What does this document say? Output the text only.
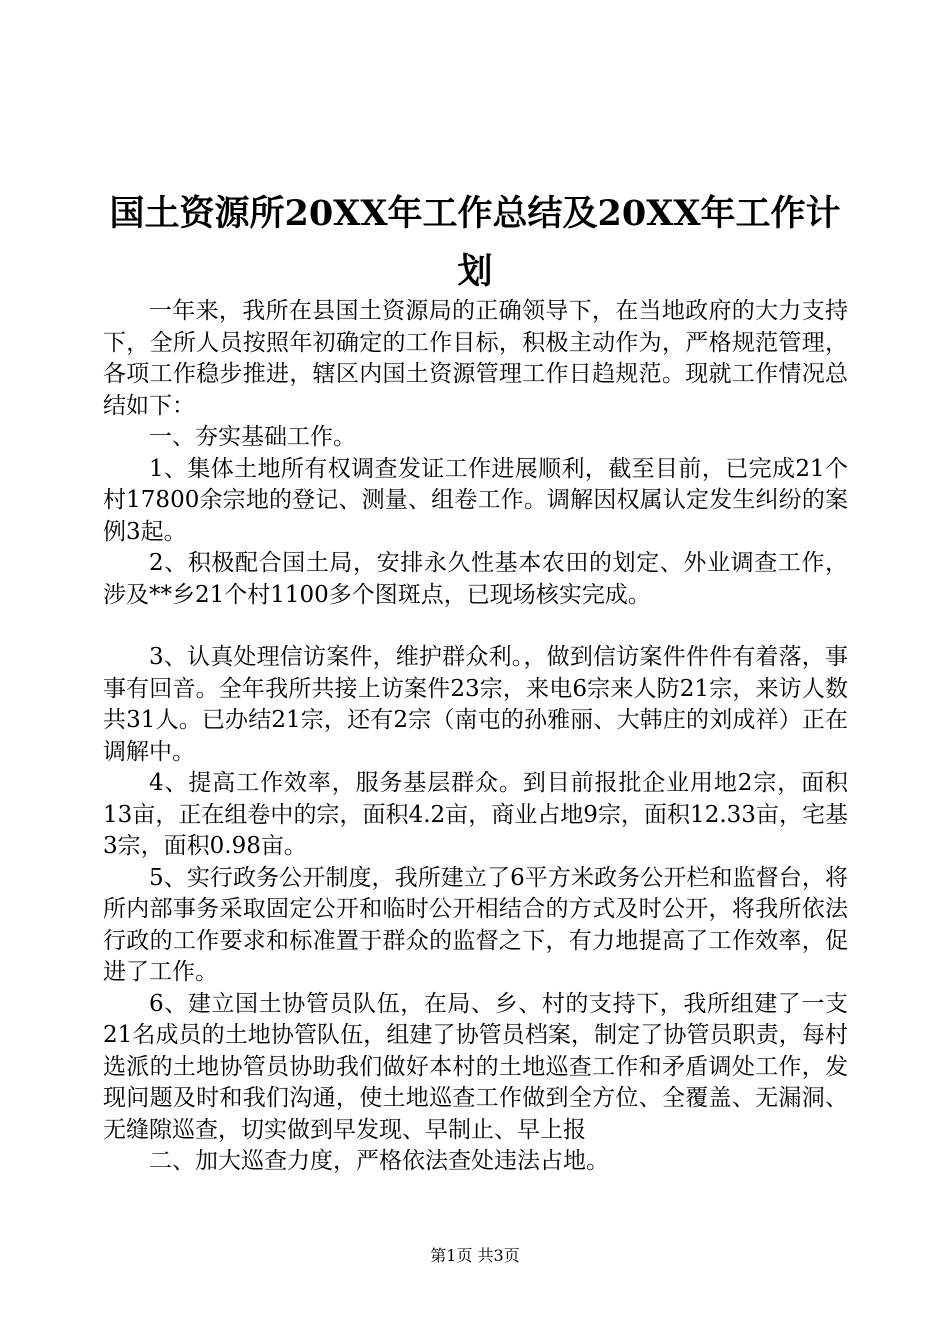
国土资源所20XX年工作总结及20XX年工作计
划

一年来，我所在县国土资源局的正确领导下，在当地政府的大力支持下，全所人员按照年初确定的工作目标，积极主动作为，严格规范管理，各项工作稳步推进，辖区内国土资源管理工作日趋规范。现就工作情况总结如下：

一、夯实基础工作。

1、集体土地所有权调查发证工作进展顺利，截至目前，已完成21个村17800余宗地的登记、测量、组卷工作。调解因权属认定发生纠纷的案例3起。

2、积极配合国土局，安排永久性基本农田的划定、外业调查工作，涉及**乡21个村1100多个图斑点，已现场核实完成。

3、认真处理信访案件，维护群众利。，做到信访案件件件有着落，事事有回音。全年我所共接上访案件23宗，来电6宗来人防21宗，来访人数共31人。已办结21宗，还有2宗（南屯的孙雅丽、大韩庄的刘成祥）正在调解中。

4、提高工作效率，服务基层群众。到目前报批企业用地2宗，面积13亩，正在组卷中的宗，面积4.2亩，商业占地9宗，面积12.33亩，宅基3宗，面积0.98亩。

5、实行政务公开制度，我所建立了6平方米政务公开栏和监督台，将所内部事务采取固定公开和临时公开相结合的方式及时公开，将我所依法行政的工作要求和标准置于群众的监督之下，有力地提高了工作效率，促进了工作。

6、建立国土协管员队伍，在局、乡、村的支持下，我所组建了一支21名成员的土地协管队伍，组建了协管员档案，制定了协管员职责，每村选派的土地协管员协助我们做好本村的土地巡查工作和矛盾调处工作，发现问题及时和我们沟通，使土地巡查工作做到全方位、全覆盖、无漏洞、无缝隙巡查，切实做到早发现、早制止、早上报

二、加大巡查力度，严格依法查处违法占地。

第1页 共3页
